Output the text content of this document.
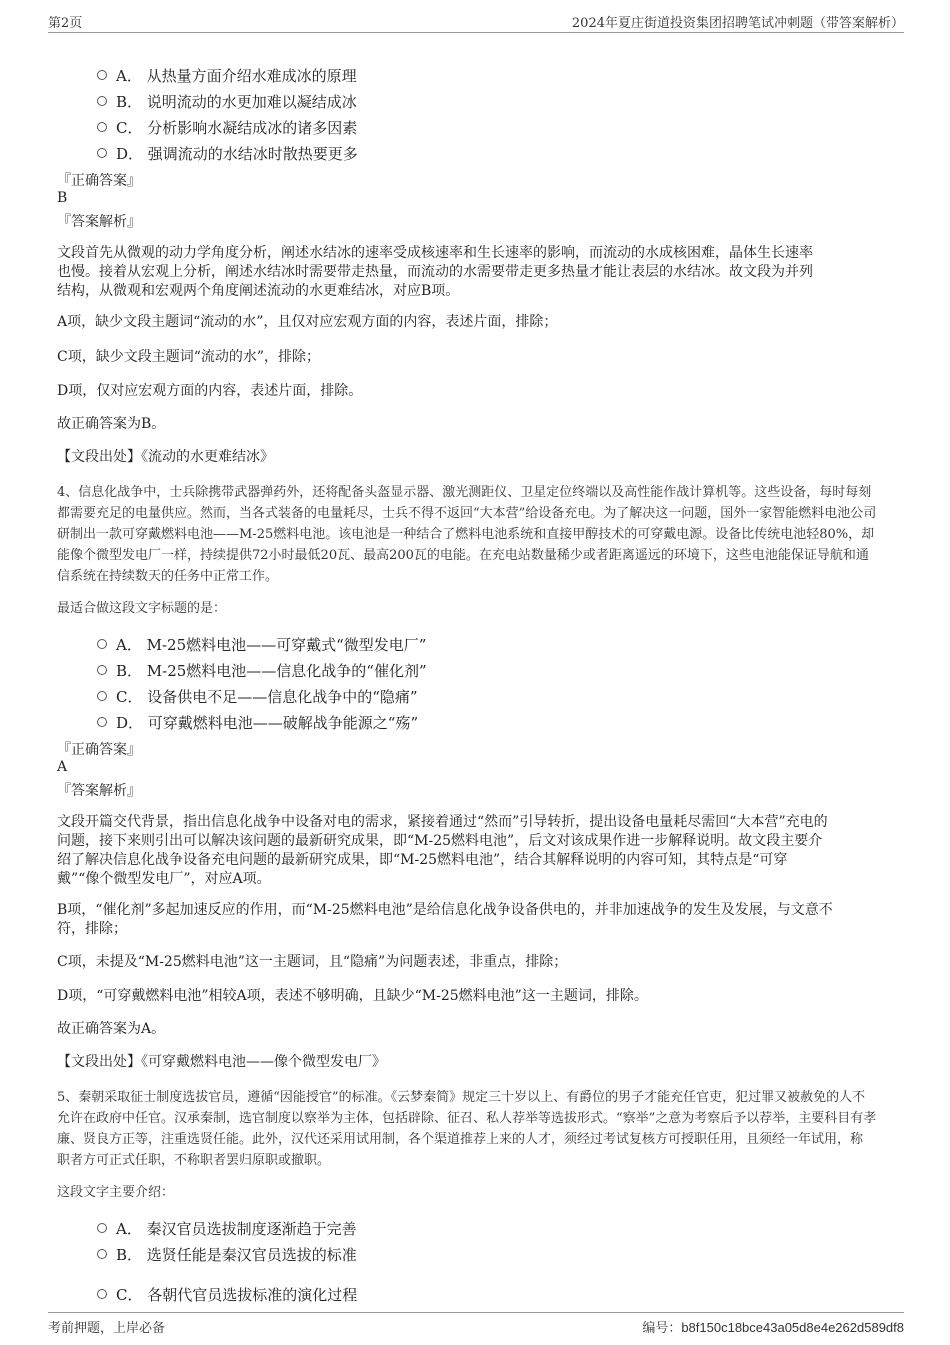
第2页	2024年夏庄街道投资集团招聘笔试冲刺题（带答案解析）
A． 从热量方面介绍水难成冰的原理
B． 说明流动的水更加难以凝结成冰
C． 分析影响水凝结成冰的诸多因素
D． 强调流动的水结冰时散热要更多
『正确答案』
B
『答案解析』
文段首先从微观的动力学角度分析，阐述水结冰的速率受成核速率和生长速率的影响，而流动的水成核困难，晶体生长速率
也慢。接着从宏观上分析，阐述水结冰时需要带走热量，而流动的水需要带走更多热量才能让表层的水结冰。故文段为并列
结构，从微观和宏观两个角度阐述流动的水更难结冰，对应B项。
A项，缺少文段主题词“流动的水”，且仅对应宏观方面的内容，表述片面，排除；
C项，缺少文段主题词“流动的水”，排除；
D项，仅对应宏观方面的内容，表述片面，排除。
故正确答案为B。
【文段出处】《流动的水更难结冰》
4、信息化战争中，士兵除携带武器弹药外，还将配备头盔显示器、激光测距仪、卫星定位终端以及高性能作战计算机等。这些设备，每时每刻
都需要充足的电量供应。然而，当各式装备的电量耗尽，士兵不得不返回“大本营”给设备充电。为了解决这一问题，国外一家智能燃料电池公司
研制出一款可穿戴燃料电池——M-25燃料电池。该电池是一种结合了燃料电池系统和直接甲醇技术的可穿戴电源。设备比传统电池轻80%，却
能像个微型发电厂一样，持续提供72小时最低20瓦、最高200瓦的电能。在充电站数量稀少或者距离遥远的环境下，这些电池能保证导航和通
信系统在持续数天的任务中正常工作。
最适合做这段文字标题的是：
A． M-25燃料电池——可穿戴式“微型发电厂”
B． M-25燃料电池——信息化战争的“催化剂”
C． 设备供电不足——信息化战争中的“隐痛”
D． 可穿戴燃料电池——破解战争能源之“殇”
『正确答案』
A
『答案解析』
文段开篇交代背景，指出信息化战争中设备对电的需求，紧接着通过“然而”引导转折，提出设备电量耗尽需回“大本营”充电的
问题，接下来则引出可以解决该问题的最新研究成果，即“M-25燃料电池”，后文对该成果作进一步解释说明。故文段主要介
绍了解决信息化战争设备充电问题的最新研究成果，即“M-25燃料电池”，结合其解释说明的内容可知，其特点是“可穿
戴”“像个微型发电厂”，对应A项。
B项，“催化剂”多起加速反应的作用，而“M-25燃料电池”是给信息化战争设备供电的，并非加速战争的发生及发展，与文意不
符，排除；
C项，未提及“M-25燃料电池”这一主题词，且“隐痛”为问题表述，非重点，排除；
D项，“可穿戴燃料电池”相较A项，表述不够明确，且缺少“M-25燃料电池”这一主题词，排除。
故正确答案为A。
【文段出处】《可穿戴燃料电池——像个微型发电厂》
5、秦朝采取征士制度选拔官员，遵循“因能授官”的标准。《云梦秦简》规定三十岁以上、有爵位的男子才能充任官吏，犯过罪又被赦免的人不
允许在政府中任官。汉承秦制，选官制度以察举为主体，包括辟除、征召、私人荐举等选拔形式。“察举”之意为考察后予以荐举，主要科目有孝
廉、贤良方正等，注重选贤任能。此外，汉代还采用试用制，各个渠道推荐上来的人才，须经过考试复核方可授职任用，且须经一年试用，称
职者方可正式任职，不称职者罢归原职或撤职。
这段文字主要介绍：
A． 秦汉官员选拔制度逐渐趋于完善
B． 选贤任能是秦汉官员选拔的标准
C． 各朝代官员选拔标准的演化过程
考前押题，上岸必备	编号：b8f150c18bce43a05d8e4e262d589df8
